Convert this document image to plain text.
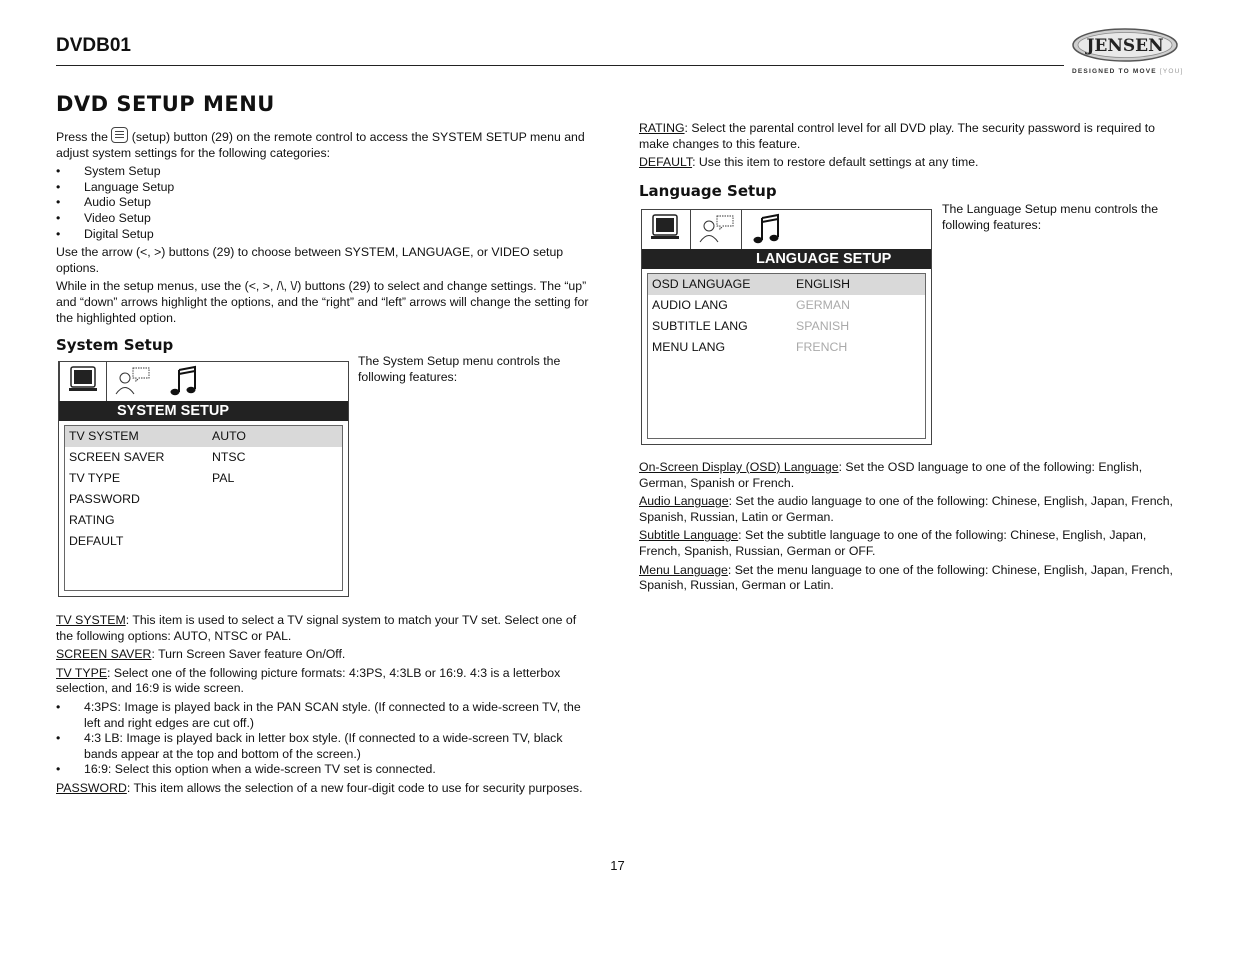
DVDB01	JENSEN
DESIGNED TO MOVE [YOU]
DVD SETUP MENU

Press the
(setup) button (29) on the remote control to access the SYSTEM SETUP menu and adjust system settings for the following categories:

• System Setup
• Language Setup
• Audio Setup
• Video Setup
• Digital Setup

Use the arrow (<, >) buttons (29) to choose between SYSTEM, LANGUAGE, or VIDEO setup options.

While in the setup menus, use the (<, >, /\, \/) buttons (29) to select and change settings. The “up” and “down” arrows highlight the options, and the “right” and “left” arrows will change the setting for the highlighted option.

System Setup
SYSTEM SETUP
TV SYSTEM	AUTO
SCREEN SAVER	NTSC
TV TYPE	PAL
PASSWORD
RATING
DEFAULT
The System Setup menu controls the following features:

TV SYSTEM: This item is used to select a TV signal system to match your TV set. Select one of the following options: AUTO, NTSC or PAL.

SCREEN SAVER: Turn Screen Saver feature On/Off.

TV TYPE: Select one of the following picture formats: 4:3PS, 4:3LB or 16:9. 4:3 is a letterbox selection, and 16:9 is wide screen.

• 4:3PS: Image is played back in the PAN SCAN style. (If connected to a wide-screen TV, the left and right edges are cut off.)
• 4:3 LB: Image is played back in letter box style. (If connected to a wide-screen TV, black bands appear at the top and bottom of the screen.)
• 16:9: Select this option when a wide-screen TV set is connected.

PASSWORD: This item allows the selection of a new four-digit code to use for security purposes.

RATING: Select the parental control level for all DVD play. The security password is required to make changes to this feature.

DEFAULT: Use this item to restore default settings at any time.

Language Setup
LANGUAGE SETUP
OSD LANGUAGE	ENGLISH
AUDIO LANG	GERMAN
SUBTITLE LANG	SPANISH
MENU LANG	FRENCH
The Language Setup menu controls the following features:

On-Screen Display (OSD) Language: Set the OSD language to one of the following: English, German, Spanish or French.

Audio Language: Set the audio language to one of the following: Chinese, English, Japan, French, Spanish, Russian, Latin or German.

Subtitle Language: Set the subtitle language to one of the following: Chinese, English, Japan, French, Spanish, Russian, German or OFF.

Menu Language: Set the menu language to one of the following: Chinese, English, Japan, French, Spanish, Russian, German or Latin.

17
